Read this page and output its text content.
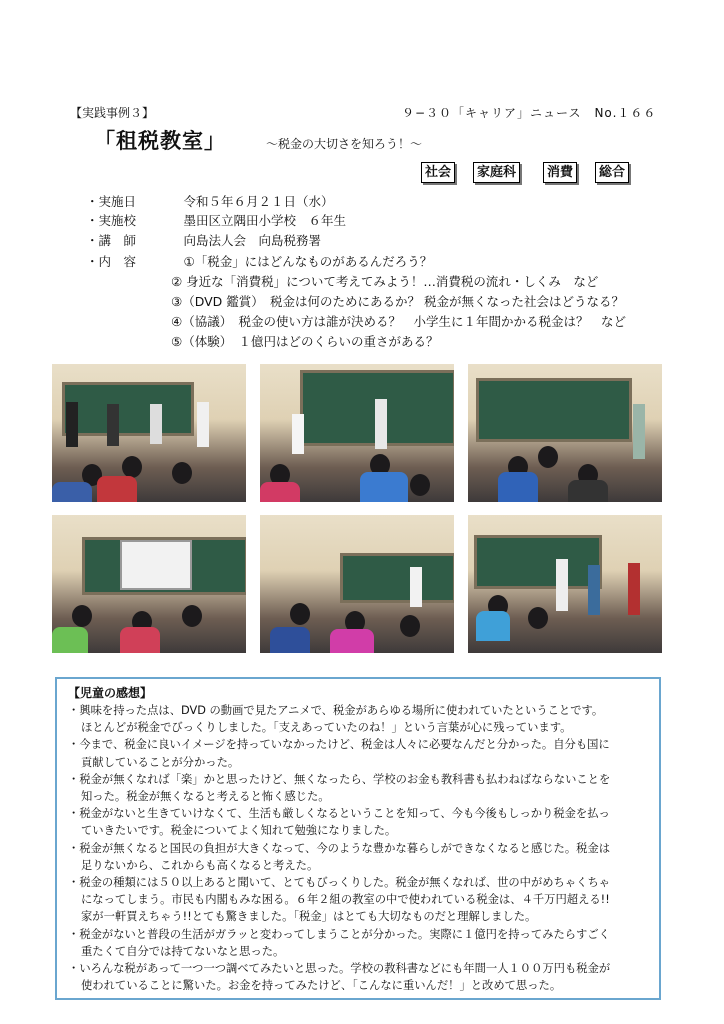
【実践事例３】	９−３０「キャリア」ニュース　No.１６６
「租税教室」	〜税金の大切さを知ろう！〜
社会	家庭科	消費	総合
・実施日	令和５年６月２１日（水）
・実施校	墨田区立隅田小学校　６年生
・講　師	向島法人会　向島税務署
・内　容	①「税金」にはどんなものがあるんだろう？
② 身近な「消費税」について考えてみよう！…消費税の流れ・しくみ　など
③（DVD 鑑賞）　税金は何のためにあるか？ 税金が無くなった社会はどうなる？
④（協議）　税金の使い方は誰が決める？　小学生に１年間かかる税金は？　など
⑤（体験）　１億円はどのくらいの重さがある？
【児童の感想】
・興味を持った点は、DVD の動画で見たアニメで、税金があらゆる場所に使われていたということです。
ほとんどが税金でびっくりしました。「支えあっていたのね！」という言葉が心に残っています。
・今まで、税金に良いイメージを持っていなかったけど、税金は人々に必要なんだと分かった。自分も国に
貢献していることが分かった。
・税金が無くなれば「楽」かと思ったけど、無くなったら、学校のお金も教科書も払わねばならないことを
知った。税金が無くなると考えると怖く感じた。
・税金がないと生きていけなくて、生活も厳しくなるということを知って、今も今後もしっかり税金を払っ
ていきたいです。税金についてよく知れて勉強になりました。
・税金が無くなると国民の負担が大きくなって、今のような豊かな暮らしができなくなると感じた。税金は
足りないから、これからも高くなると考えた。
・税金の種類には５０以上あると聞いて、とてもびっくりした。税金が無くなれば、世の中がめちゃくちゃ
になってしまう。市民も内閣もみな困る。６年２組の教室の中で使われている税金は、４千万円超える!!
家が一軒買えちゃう!!とても驚きました。「税金」はとても大切なものだと理解しました。
・税金がないと普段の生活がガラッと変わってしまうことが分かった。実際に１億円を持ってみたらすごく
重たくて自分では持てないなと思った。
・いろんな税があって一つ一つ調べてみたいと思った。学校の教科書などにも年間一人１００万円も税金が
使われていることに驚いた。お金を持ってみたけど、「こんなに重いんだ！」と改めて思った。
